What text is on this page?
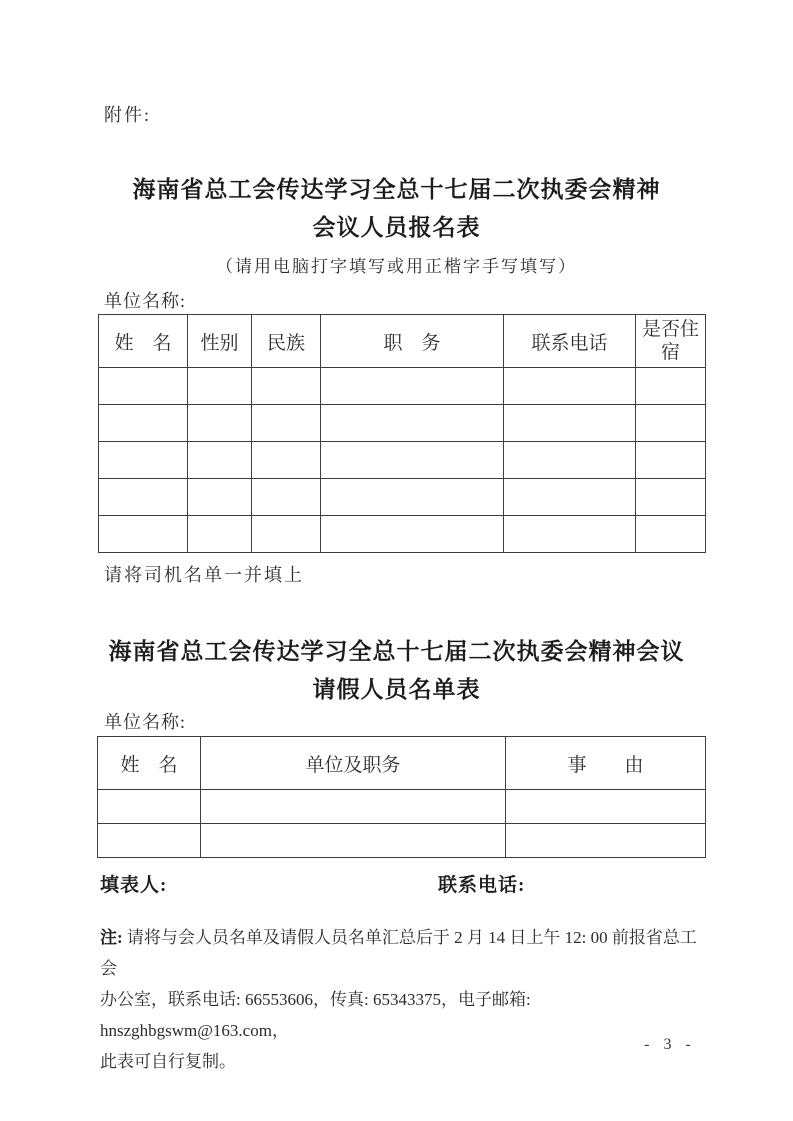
附件:
海南省总工会传达学习全总十七届二次执委会精神
会议人员报名表
（请用电脑打字填写或用正楷字手写填写）
单位名称:
姓　名	性别	民族	职　务	联系电话	是否住宿

请将司机名单一并填上
海南省总工会传达学习全总十七届二次执委会精神会议
请假人员名单表
单位名称:
姓　名	单位及职务	事　　由

填表人:	联系电话:
注: 请将与会人员名单及请假人员名单汇总后于 2 月 14 日上午 12: 00 前报省总工会
办公室，联系电话: 66553606，传真: 65343375，电子邮箱: hnszghbgswm@163.com，
此表可自行复制。
- 3 -
